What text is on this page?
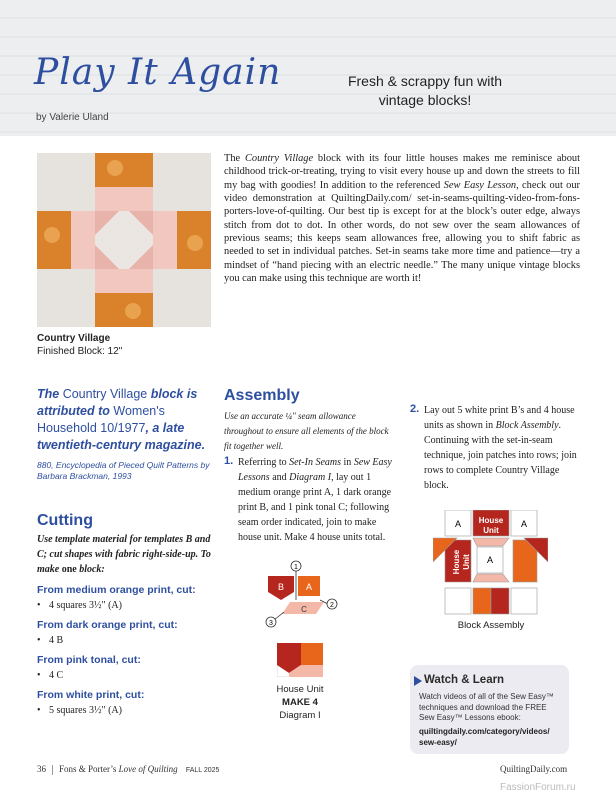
Play It Again
by Valerie Uland
Fresh & scrappy fun with
vintage blocks!
Country Village
Finished Block: 12"
The Country Village block with its four little houses makes me reminisce about childhood trick-or-treating, trying to visit every house up and down the streets to fill my bag with goodies! In addition to the referenced Sew Easy Lesson, check out our video demonstration at QuiltingDaily.com/ set-in-seams-quilting-video-from-fons-porters-love-of-quilting. Our best tip is except for at the block’s outer edge, always stitch from dot to dot. In other words, do not sew over the seam allowances of previous seams; this keeps seam allowances free, allowing you to shift fabric as needed to set in individual patches. Set-in seams take more time and patience—try a mindset of “hand piecing with an electric needle.” The many unique vintage blocks you can make using this technique are worth it!
The Country Village block is attributed to Women's Household 10/1977, a late twentieth-century magazine.
880, Encyclopedia of Pieced Quilt Patterns by Barbara Brackman, 1993
Cutting
Use template material for templates B and C; cut shapes with fabric right-side-up. To make one block:
From medium orange print, cut:
• 4 squares 3½" (A)
From dark orange print, cut:
• 4 B
From pink tonal, cut:
• 4 C
From white print, cut:
• 5 squares 3½" (A)
Assembly
Use an accurate ¼" seam allowance throughout to ensure all elements of the block fit together well.
1. Referring to Set-In Seams in Sew Easy Lessons and Diagram I, lay out 1 medium orange print A, 1 dark orange print B, and 1 pink tonal C; following seam order indicated, join to make house unit. Make 4 house units total.
2. Lay out 5 white print B’s and 4 house units as shown in Block Assembly. Continuing with the set-in-seam technique, join patches into rows; join rows to complete Country Village block.
A
B
C
1
2
3
House Unit
MAKE 4
Diagram I
A	A
A
House
Unit
House Unit
Block Assembly
Watch & Learn
Watch videos of all of the Sew Easy™ techniques and download the FREE Sew Easy™ Lessons ebook:
quiltingdaily.com/category/videos/ sew-easy/
36 Fons & Porter’s Love of Quilting FALL 2025	QuiltingDaily.com
FassionForum.ru
